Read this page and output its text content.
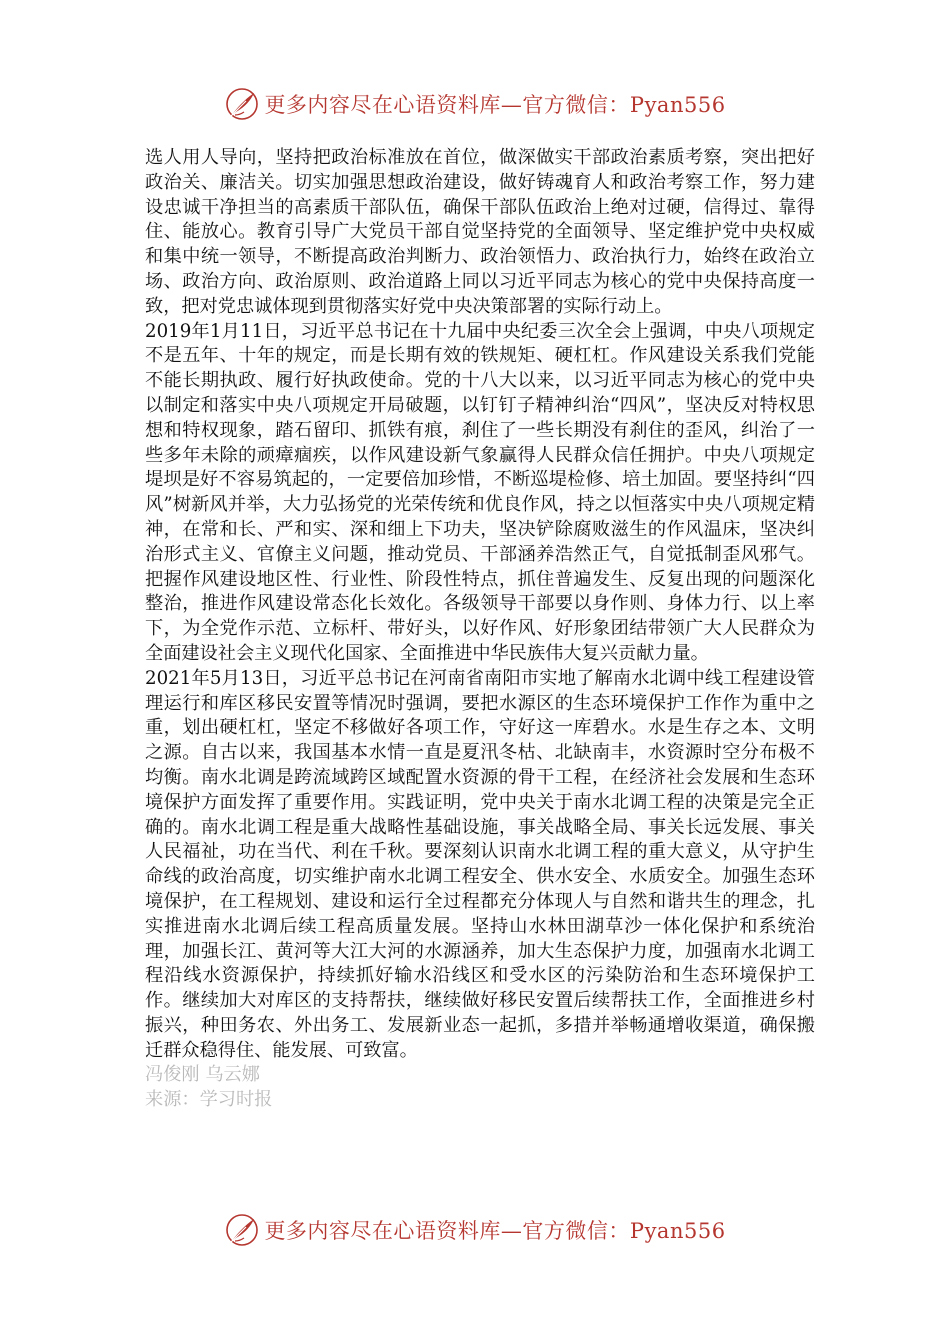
更多内容尽在心语资料库—官方微信：Pyan556

选人用人导向，坚持把政治标准放在首位，做深做实干部政治素质考察，突出把好政治关、廉洁关。切实加强思想政治建设，做好铸魂育人和政治考察工作，努力建设忠诚干净担当的高素质干部队伍，确保干部队伍政治上绝对过硬，信得过、靠得住、能放心。教育引导广大党员干部自觉坚持党的全面领导、坚定维护党中央权威和集中统一领导，不断提高政治判断力、政治领悟力、政治执行力，始终在政治立场、政治方向、政治原则、政治道路上同以习近平同志为核心的党中央保持高度一致，把对党忠诚体现到贯彻落实好党中央决策部署的实际行动上。

2019年1月11日，习近平总书记在十九届中央纪委三次全会上强调，中央八项规定不是五年、十年的规定，而是长期有效的铁规矩、硬杠杠。作风建设关系我们党能不能长期执政、履行好执政使命。党的十八大以来，以习近平同志为核心的党中央以制定和落实中央八项规定开局破题，以钉钉子精神纠治“四风”，坚决反对特权思想和特权现象，踏石留印、抓铁有痕，刹住了一些长期没有刹住的歪风，纠治了一些多年未除的顽瘴痼疾，以作风建设新气象赢得人民群众信任拥护。中央八项规定堤坝是好不容易筑起的，一定要倍加珍惜，不断巡堤检修、培土加固。要坚持纠“四风”树新风并举，大力弘扬党的光荣传统和优良作风，持之以恒落实中央八项规定精神，在常和长、严和实、深和细上下功夫，坚决铲除腐败滋生的作风温床，坚决纠治形式主义、官僚主义问题，推动党员、干部涵养浩然正气，自觉抵制歪风邪气。把握作风建设地区性、行业性、阶段性特点，抓住普遍发生、反复出现的问题深化整治，推进作风建设常态化长效化。各级领导干部要以身作则、身体力行、以上率下，为全党作示范、立标杆、带好头，以好作风、好形象团结带领广大人民群众为全面建设社会主义现代化国家、全面推进中华民族伟大复兴贡献力量。

2021年5月13日，习近平总书记在河南省南阳市实地了解南水北调中线工程建设管理运行和库区移民安置等情况时强调，要把水源区的生态环境保护工作作为重中之重，划出硬杠杠，坚定不移做好各项工作，守好这一库碧水。水是生存之本、文明之源。自古以来，我国基本水情一直是夏汛冬枯、北缺南丰，水资源时空分布极不均衡。南水北调是跨流域跨区域配置水资源的骨干工程，在经济社会发展和生态环境保护方面发挥了重要作用。实践证明，党中央关于南水北调工程的决策是完全正确的。南水北调工程是重大战略性基础设施，事关战略全局、事关长远发展、事关人民福祉，功在当代、利在千秋。要深刻认识南水北调工程的重大意义，从守护生命线的政治高度，切实维护南水北调工程安全、供水安全、水质安全。加强生态环境保护，在工程规划、建设和运行全过程都充分体现人与自然和谐共生的理念，扎实推进南水北调后续工程高质量发展。坚持山水林田湖草沙一体化保护和系统治理，加强长江、黄河等大江大河的水源涵养，加大生态保护力度，加强南水北调工程沿线水资源保护，持续抓好输水沿线区和受水区的污染防治和生态环境保护工作。继续加大对库区的支持帮扶，继续做好移民安置后续帮扶工作，全面推进乡村振兴，种田务农、外出务工、发展新业态一起抓，多措并举畅通增收渠道，确保搬迁群众稳得住、能发展、可致富。

冯俊刚 乌云娜

来源：学习时报

更多内容尽在心语资料库—官方微信：Pyan556
